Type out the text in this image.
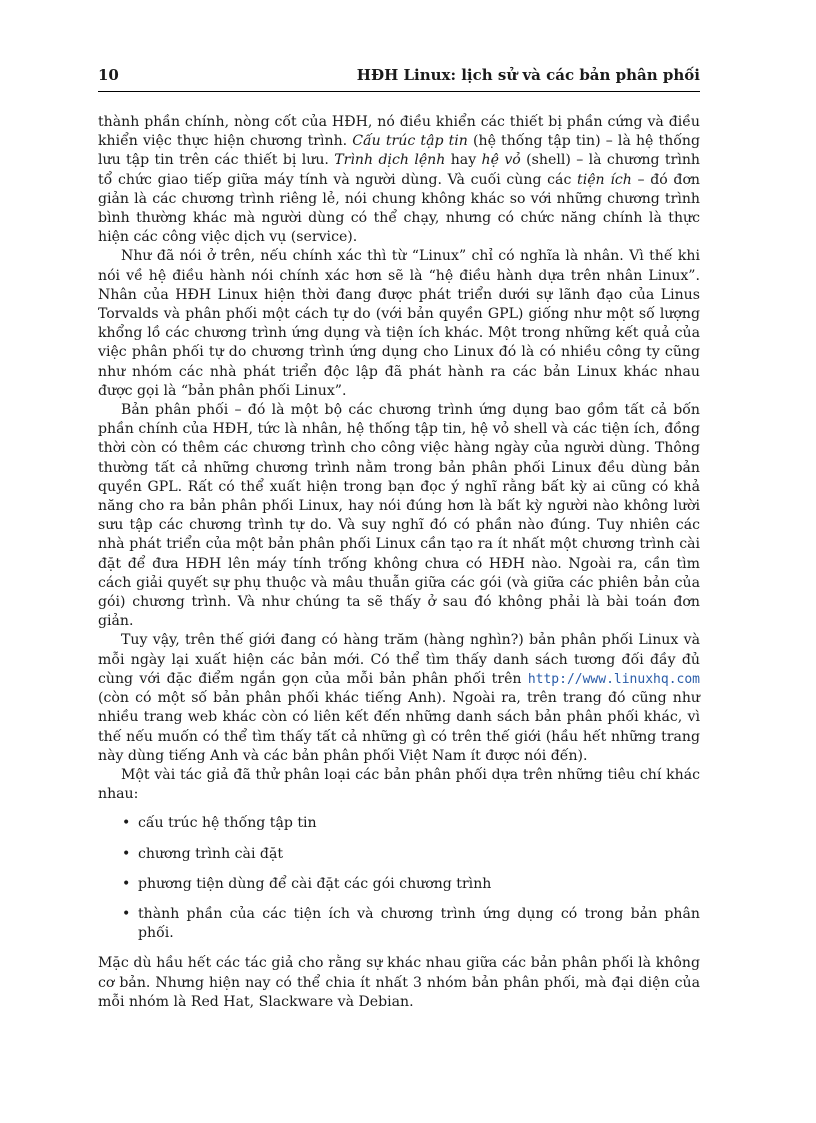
10	HĐH Linux: lịch sử và các bản phân phối

thành phần chính, nòng cốt của HĐH, nó điều khiển các thiết bị phần cứng và điều khiển việc thực hiện chương trình. Cấu trúc tập tin (hệ thống tập tin) – là hệ thống lưu tập tin trên các thiết bị lưu. Trình dịch lệnh hay hệ vỏ (shell) – là chương trình tổ chức giao tiếp giữa máy tính và người dùng. Và cuối cùng các tiện ích – đó đơn giản là các chương trình riêng lẻ, nói chung không khác so với những chương trình bình thường khác mà người dùng có thể chạy, nhưng có chức năng chính là thực hiện các công việc dịch vụ (service).

Như đã nói ở trên, nếu chính xác thì từ “Linux” chỉ có nghĩa là nhân. Vì thế khi nói về hệ điều hành nói chính xác hơn sẽ là “hệ điều hành dựa trên nhân Linux”. Nhân của HĐH Linux hiện thời đang được phát triển dưới sự lãnh đạo của Linus Torvalds và phân phối một cách tự do (với bản quyền GPL) giống như một số lượng khổng lồ các chương trình ứng dụng và tiện ích khác. Một trong những kết quả của việc phân phối tự do chương trình ứng dụng cho Linux đó là có nhiều công ty cũng như nhóm các nhà phát triển độc lập đã phát hành ra các bản Linux khác nhau được gọi là “bản phân phối Linux”.

Bản phân phối – đó là một bộ các chương trình ứng dụng bao gồm tất cả bốn phần chính của HĐH, tức là nhân, hệ thống tập tin, hệ vỏ shell và các tiện ích, đồng thời còn có thêm các chương trình cho công việc hàng ngày của người dùng. Thông thường tất cả những chương trình nằm trong bản phân phối Linux đều dùng bản quyền GPL. Rất có thể xuất hiện trong bạn đọc ý nghĩ rằng bất kỳ ai cũng có khả năng cho ra bản phân phối Linux, hay nói đúng hơn là bất kỳ người nào không lười sưu tập các chương trình tự do. Và suy nghĩ đó có phần nào đúng. Tuy nhiên các nhà phát triển của một bản phân phối Linux cần tạo ra ít nhất một chương trình cài đặt để đưa HĐH lên máy tính trống không chưa có HĐH nào. Ngoài ra, cần tìm cách giải quyết sự phụ thuộc và mâu thuẫn giữa các gói (và giữa các phiên bản của gói) chương trình. Và như chúng ta sẽ thấy ở sau đó không phải là bài toán đơn giản.

Tuy vậy, trên thế giới đang có hàng trăm (hàng nghìn?) bản phân phối Linux và mỗi ngày lại xuất hiện các bản mới. Có thể tìm thấy danh sách tương đối đầy đủ cùng với đặc điểm ngắn gọn của mỗi bản phân phối trên http://www.linuxhq.com (còn có một số bản phân phối khác tiếng Anh). Ngoài ra, trên trang đó cũng như nhiều trang web khác còn có liên kết đến những danh sách bản phân phối khác, vì thế nếu muốn có thể tìm thấy tất cả những gì có trên thế giới (hầu hết những trang này dùng tiếng Anh và các bản phân phối Việt Nam ít được nói đến).

Một vài tác giả đã thử phân loại các bản phân phối dựa trên những tiêu chí khác nhau:

• cấu trúc hệ thống tập tin
• chương trình cài đặt
• phương tiện dùng để cài đặt các gói chương trình
• thành phần của các tiện ích và chương trình ứng dụng có trong bản phân phối.

Mặc dù hầu hết các tác giả cho rằng sự khác nhau giữa các bản phân phối là không cơ bản. Nhưng hiện nay có thể chia ít nhất 3 nhóm bản phân phối, mà đại diện của mỗi nhóm là Red Hat, Slackware và Debian.
